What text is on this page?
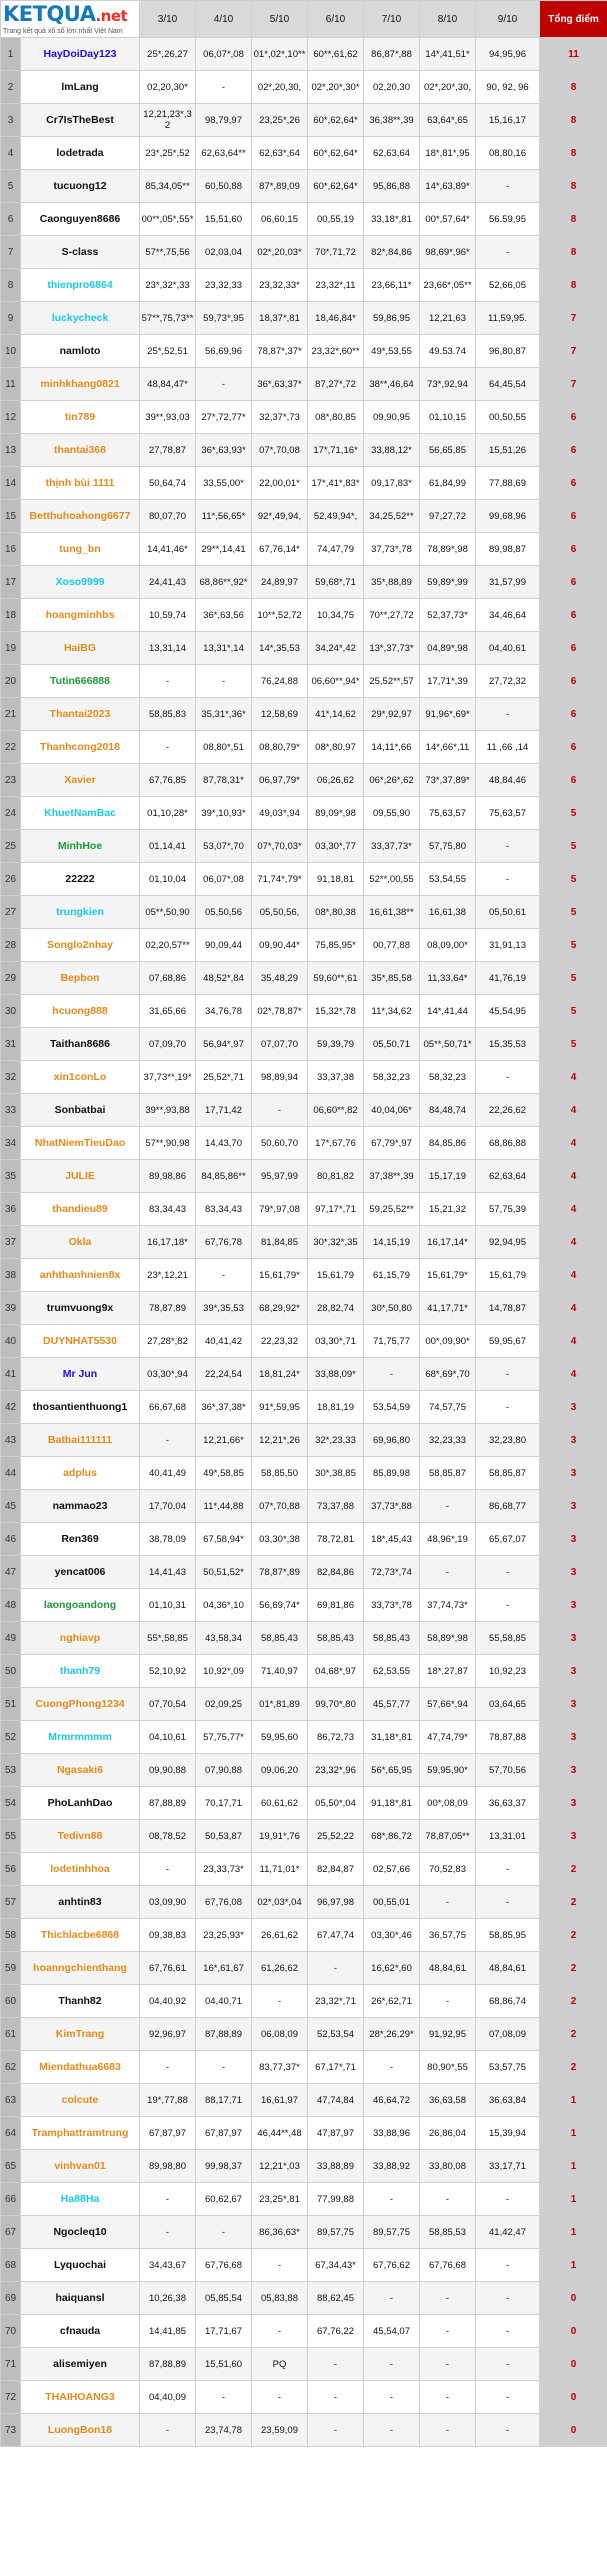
KETQUA.net
Trang kết quả xổ số lớn nhất Việt Nam		3/10	4/10	5/10	6/10	7/10	8/10	9/10	Tổng điểm
1	HayDoiDay123	25*,26,27	06,07*,08	01*,02*,10**	60**,61,62	86,87*,88	14*,41,51*	94,95,96	11
2	lmLang	02,20,30*	-	02*,20,30,	02*,20*,30*	02,20,30	02*,20*,30,	90, 92, 96	8
3	Cr7IsTheBest	12,21,23*,32	98,79,97	23,25*,26	60*,62,64*	36,38**,39	63,64*,65	15,16,17	8
4	lodetrada	23*,25*,52	62,63,64**	62,63*,64	60*,62,64*	62,63,64	18*,81*,95	08,80,16	8
5	tucuong12	85,34,05**	60,50,88	87*,89,09	60*,62,64*	95,86,88	14*,63,89*	-	8
6	Caonguyen8686	00**,05*,55*	15,51,60	06,60,15	00,55,19	33,18*,81	00*,57,64*	56.59,95	8
7	S-class	57**,75,56	02,03,04	02*,20,03*	70*,71,72	82*,84,86	98,69*,96*	-	8
8	thienpro6864	23*,32*,33	23,32,33	23,32,33*	23,32*,11	23,66,11*	23,66*,05**	52,66,05	8
9	luckycheck	57**,75,73**	59,73*,95	18,37*,81	18,46,84*	59,86,95	12,21,63	11,59,95.	7
10	namloto	25*,52,51	56,69,96	78,87*,37*	23,32*,60**	49*,53,55	49.53.74	96,80,87	7
11	minhkhang0821	48,84,47*	-	36*,63,37*	87,27*,72	38**,46,64	73*,92,94	64,45,54	7
12	tin789	39**,93,03	27*,72,77*	32,37*,73	08*,80,85	09,90,95	01,10,15	00,50,55	6
13	thantai368	27,78,87	36*,63,93*	07*,70,08	17*,71,16*	33,88,12*	56,65,85	15,51,26	6
14	thịnh bùi 1111	50,64,74	33,55,00*	22,00,01*	17*,41*,83*	09,17,83*	61,84,99	77,88,69	6
15	Betthuhoahong6677	80,07,70	11*,56,65*	92*,49,94,	52,49,94*,	34,25,52**	97,27,72	99,68,96	6
16	tung_bn	14,41,46*	29**,14,41	67,76,14*	74,47,79	37,73*,78	78,89*,98	89,98,87	6
17	Xoso9999	24,41,43	68,86**,92*	24,89,97	59,68*,71	35*,88,89	59,89*,99	31,57,99	6
18	hoangminhbs	10,59,74	36*,63,56	10**,52,72	10,34,75	70**,27,72	52,37,73*	34,46,64	6
19	HaiBG	13,31,14	13,31*,14	14*,35,53	34,24*,42	13*,37,73*	04,89*,98	04,40,61	6
20	Tutin666888	-	-	76,24,88	06,60**,94*	25,52**,57	17,71*,39	27,72,32	6
21	Thantai2023	58,85,83	35,31*,36*	12,58,69	41*,14,62	29*,92,97	91,96*,69*	-	6
22	Thanhcong2018	-	08,80*,51	08,80,79*	08*,80,97	14,11*,66	14*,66*,11	11 ,66 ,14	6
23	Xavier	67,76,85	87,78,31*	06,97,79*	06,26,62	06*,26*,62	73*,37,89*	48,84,46	6
24	KhuetNamBac	01,10,28*	39*,10,93*	49,03*,94	89,09*,98	09,55,90	75,63,57	75,63,57	5
25	MinhHoe	01,14,41	53,07*,70	07*,70,03*	03,30*,77	33,37,73*	57,75,80	-	5
26	22222	01,10,04	06,07*,08	71,74*,79*	91,18,81	52**,00,55	53,54,55	-	5
27	trungkien	05**,50,90	05,50,56	05,50,56,	08*,80,38	16,61,38**	16,61,38	05,50,61	5
28	Songlo2nhay	02,20,57**	90,09,44	09,90,44*	75,85,95*	00,77,88	08,09,00*	31,91,13	5
29	Bepbon	07,68,86	48,52*,84	35,48,29	59,60**,61	35*,85,58	11,33,64*	41,76,19	5
30	hcuong888	31,65,66	34,76,78	02*,78,87*	15,32*,78	11*,34,62	14*,41,44	45,54,95	5
31	Taithan8686	07,09,70	56,94*,97	07,07,70	59,39,79	05,50,71	05**,50,71*	15,35,53	5
32	xin1conLo	37,73**,19*	25,52*,71	98,89,94	33,37,38	58,32,23	58,32,23	-	4
33	Sonbatbai	39**,93,88	17,71,42	-	06,60**,82	40,04,06*	84,48,74	22,26,62	4
34	NhatNiemTieuDao	57**,90,98	14,43,70	50,60,70	17*,67,76	67,79*,97	84,85,86	68,86,88	4
35	JULIE	89,98,86	84,85,86**	95,97,99	80,81,82	37,38**,39	15,17,19	62,63,64	4
36	thandieu89	83,34,43	83,34,43	79*,97,08	97,17*,71	59,25,52**	15,21,32	57,75,39	4
37	Okla	16,17,18*	67,76,78	81,84,85	30*,32*,35	14,15,19	16,17,14*	92,94,95	4
38	anhthanhnien8x	23*,12,21	-	15,61,79*	15,61,79	61,15,79	15,61,79*	15,61,79	4
39	trumvuong9x	78,87,89	39*,35,53	68,29,92*	28,82,74	30*,50,80	41,17,71*	14,78,87	4
40	DUYNHAT5530	27,28*,82	40,41,42	22,23,32	03,30*,71	71,75,77	00*,09,90*	59,95,67	4
41	Mr Jun	03,30*,94	22,24,54	18,81,24*	33,88,09*	-	68*,69*,70	-	4
42	thosantienthuong1	66,67,68	36*,37,38*	91*,59,95	18,81,19	53,54,59	74,57,75	-	3
43	Batbai111111	-	12,21,66*	12,21*,26	32*,23,33	69,96,80	32,23,33	32,23,80	3
44	adplus	40,41,49	49*,58,85	58,85,50	30*,38,85	85,89,98	58,85,87	58,85,87	3
45	nammao23	17,70,04	11*,44,88	07*,70,88	73,37,88	37,73*,88	-	86,68,77	3
46	Ren369	38,78,09	67,58,94*	03,30*,38	78,72,81	18*,45,43	48,96*,19	65,67,07	3
47	yencat006	14,41,43	50,51,52*	78,87*,89	82,84,86	72,73*,74	-	-	3
48	laongoandong	01,10,31	04,36*,10	56,69,74*	69,81,86	33,73*,78	37,74,73*	-	3
49	nghiavp	55*,58,85	43,58,34	58,85,43	58,85,43	58,85,43	58,89*,98	55,58,85	3
50	thanh79	52,10,92	10,92*,09	71,40,97	04,68*,97	62,53,55	18*,27,87	10,92,23	3
51	CuongPhong1234	07,70,54	02,09,25	01*,81,89	99,70*,80	45,57,77	57,66*,94	03,64,65	3
52	Mrmrmmmm	04,10,61	57,75,77*	59,95,60	86,72,73	31,18*,81	47,74,79*	78,87,88	3
53	Ngasaki6	09,90,88	07,90,88	09,06,20	23,32*,96	56*,65,95	59,95,90*	57,70,56	3
54	PhoLanhDao	87,88,89	70,17,71	60,61,62	05,50*,04	91,18*,81	00*,08,09	36,63,37	3
55	Tedivn88	08,78,52	50,53,87	19,91*,76	25,52,22	68*,86,72	78,87,05**	13,31,01	3
56	lodetinhhoa	-	23,33,73*	11,71,01*	82,84,87	02,57,66	70,52,83	-	2
57	anhtin83	03,09,90	67,76,08	02*,03*,04	96,97,98	00,55,01	-	-	2
58	Thichlacbe6868	09,38,83	23,25,93*	26,61,62	67,47,74	03,30*,46	36,57,75	58,85,95	2
59	hoanngchienthang	67,76,61	16*,61,67	61,26,62	-	16,62*,60	48,84,61	48,84,61	2
60	Thanh82	04,40,92	04,40,71	-	23,32*,71	26*,62,71	-	68,86,74	2
61	KimTrang	92,96,97	87,88,89	06,08,09	52,53,54	28*,26,29*	91,92,95	07,08,09	2
62	Miendathua6683	-	-	83,77,37*	67,17*,71	-	80,90*,55	53,57,75	2
63	colcute	19*,77,88	88,17,71	16,61,97	47,74,84	46,64,72	36,63,58	36,63,84	1
64	Tramphattramtrung	67,87,97	67,87,97	46,44**,48	47,87,97	33,88,96	26,86,04	15,39,94	1
65	vinhvan01	89,98,80	99,98,37	12,21*,03	33,88,89	33,88,92	33,80,08	33,17,71	1
66	Ha88Ha	-	60,62,67	23,25*,81	77,99,88	-	-	-	1
67	Ngocleq10	-	-	86,36,63*	89,57,75	89,57,75	58,85,53	41,42,47	1
68	Lyquochai	34,43,67	67,76,68	-	67,34,43*	67,76,62	67,76,68	-	1
69	haiquansl	10,26,38	05,85,54	05,83,88	88,62,45	-	-	-	0
70	cfnauda	14,41,85	17,71,67	-	67,76,22	45,54,07	-	-	0
71	alisemiyen	87,88,89	15,51,60	PQ	-	-	-	-	0
72	THAIHOANG3	04,40,09	-	-	-	-	-	-	0
73	LuongBon18	-	23,74,78	23,59,09	-	-	-	-	0
